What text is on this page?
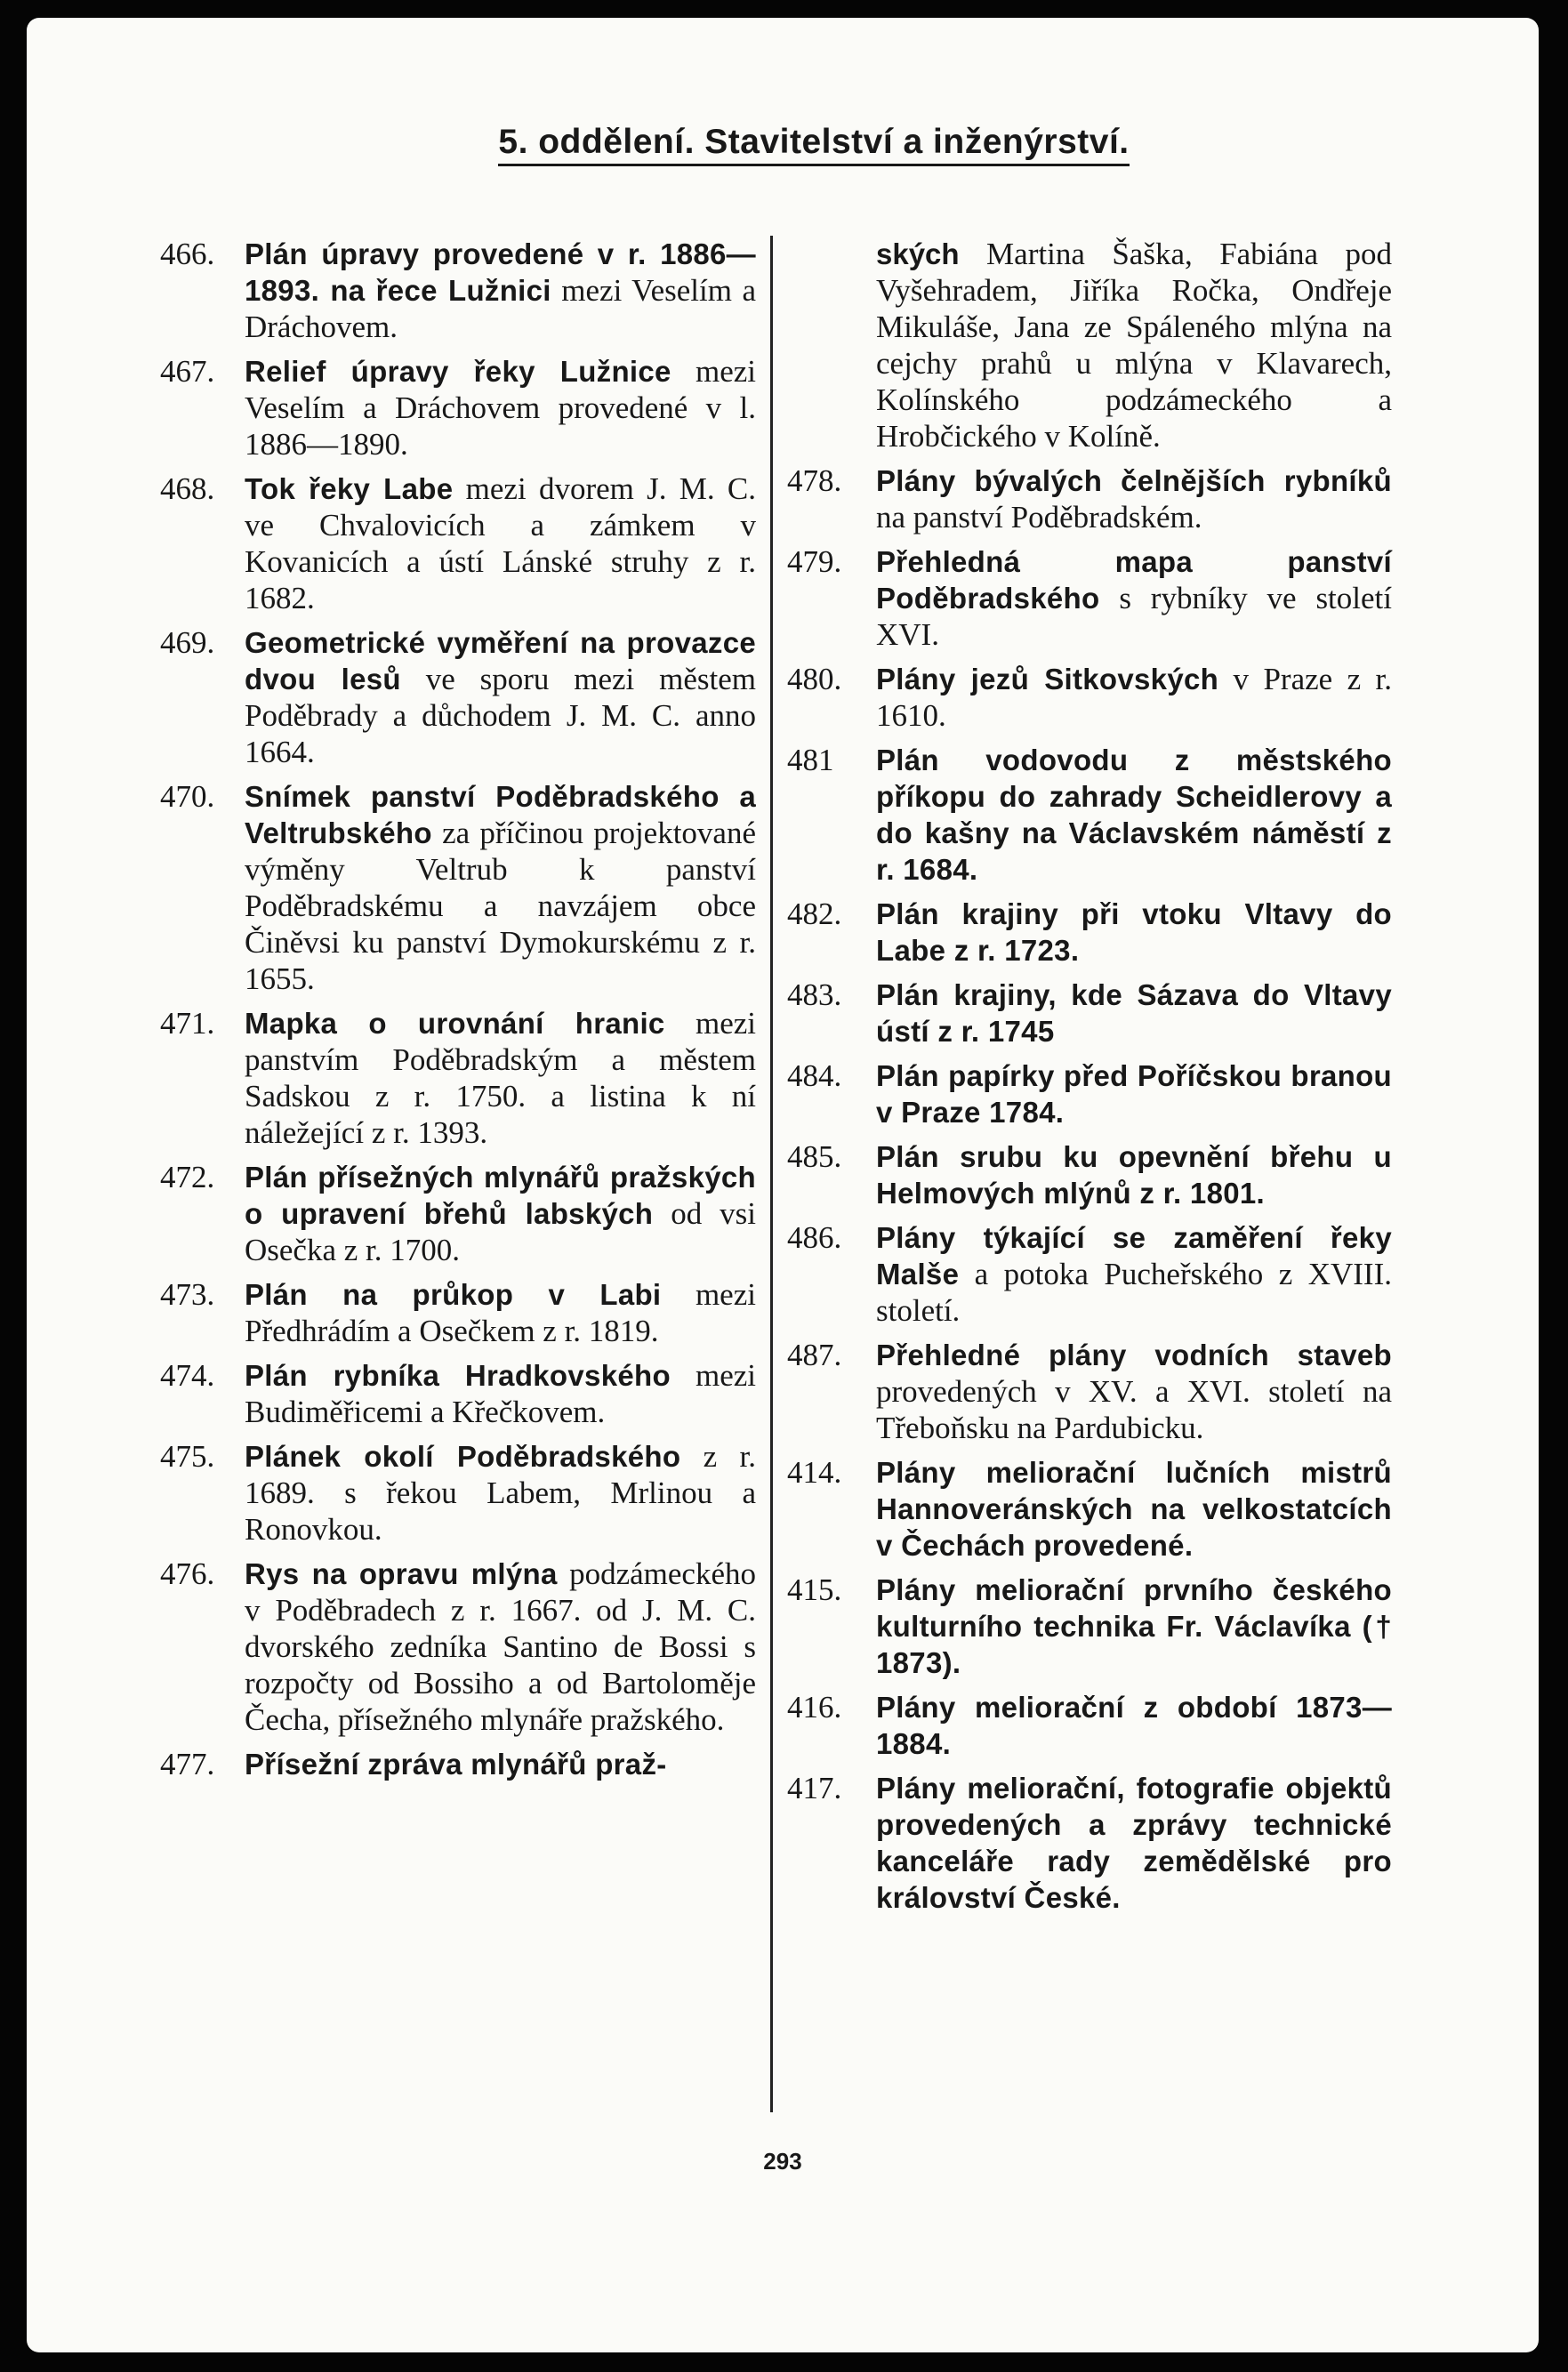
5. oddělení. Stavitelství a inženýrství.
466.	Plán úpravy provedené v r. 1886—1893. na řece Lužnici mezi Veselím a Dráchovem.
467.	Relief úpravy řeky Lužnice mezi Veselím a Dráchovem provedené v l. 1886—1890.
468.	Tok řeky Labe mezi dvorem J. M. C. ve Chvalovicích a zámkem v Kovanicích a ústí Lánské struhy z r. 1682.
469.	Geometrické vyměření na provazce dvou lesů ve sporu mezi městem Poděbrady a důchodem J. M. C. anno 1664.
470.	Snímek panství Poděbradského a Veltrubského za příčinou projektované výměny Veltrub k panství Poděbradskému a navzájem obce Činěvsi ku panství Dymokurskému z r. 1655.
471.	Mapka o urovnání hranic mezi panstvím Poděbradským a městem Sadskou z r. 1750. a listina k ní náležející z r. 1393.
472.	Plán přísežných mlynářů pražských o upravení břehů labských od vsi Osečka z r. 1700.
473.	Plán na průkop v Labi mezi Předhrádím a Osečkem z r. 1819.
474.	Plán rybníka Hradkovského mezi Budiměřicemi a Křečkovem.
475.	Plánek okolí Poděbradského z r. 1689. s řekou Labem, Mrlinou a Ronovkou.
476.	Rys na opravu mlýna podzámeckého v Poděbradech z r. 1667. od J. M. C. dvorského zedníka Santino de Bossi s rozpočty od Bossiho a od Bartoloměje Čecha, přísežného mlynáře pražského.
477.	Přísežní zpráva mlynářů praž-
ských Martina Šaška, Fabiána pod Vyšehradem, Jiříka Ročka, Ondřeje Mikuláše, Jana ze Spáleného mlýna na cejchy prahů u mlýna v Klavarech, Kolínského podzámeckého a Hrobčického v Kolíně.
478.	Plány bývalých čelnějších rybníků na panství Poděbradském.
479.	Přehledná mapa panství Poděbradského s rybníky ve století XVI.
480.	Plány jezů Sitkovských v Praze z r. 1610.
481	Plán vodovodu z městského příkopu do zahrady Scheidlerovy a do kašny na Václavském náměstí z r. 1684.
482.	Plán krajiny při vtoku Vltavy do Labe z r. 1723.
483.	Plán krajiny, kde Sázava do Vltavy ústí z r. 1745
484.	Plán papírky před Poříčskou branou v Praze 1784.
485.	Plán srubu ku opevnění břehu u Helmových mlýnů z r. 1801.
486.	Plány týkající se zaměření řeky Malše a potoka Pucheřského z XVIII. století.
487.	Přehledné plány vodních staveb provedených v XV. a XVI. století na Třeboňsku na Pardubicku.
414.	Plány meliorační lučních mistrů Hannoveránských na velkostatcích v Čechách provedené.
415.	Plány meliorační prvního českého kulturního technika Fr. Václavíka († 1873).
416.	Plány meliorační z období 1873—1884.
417.	Plány meliorační, fotografie objektů provedených a zprávy technické kanceláře rady zemědělské pro království České.
293
